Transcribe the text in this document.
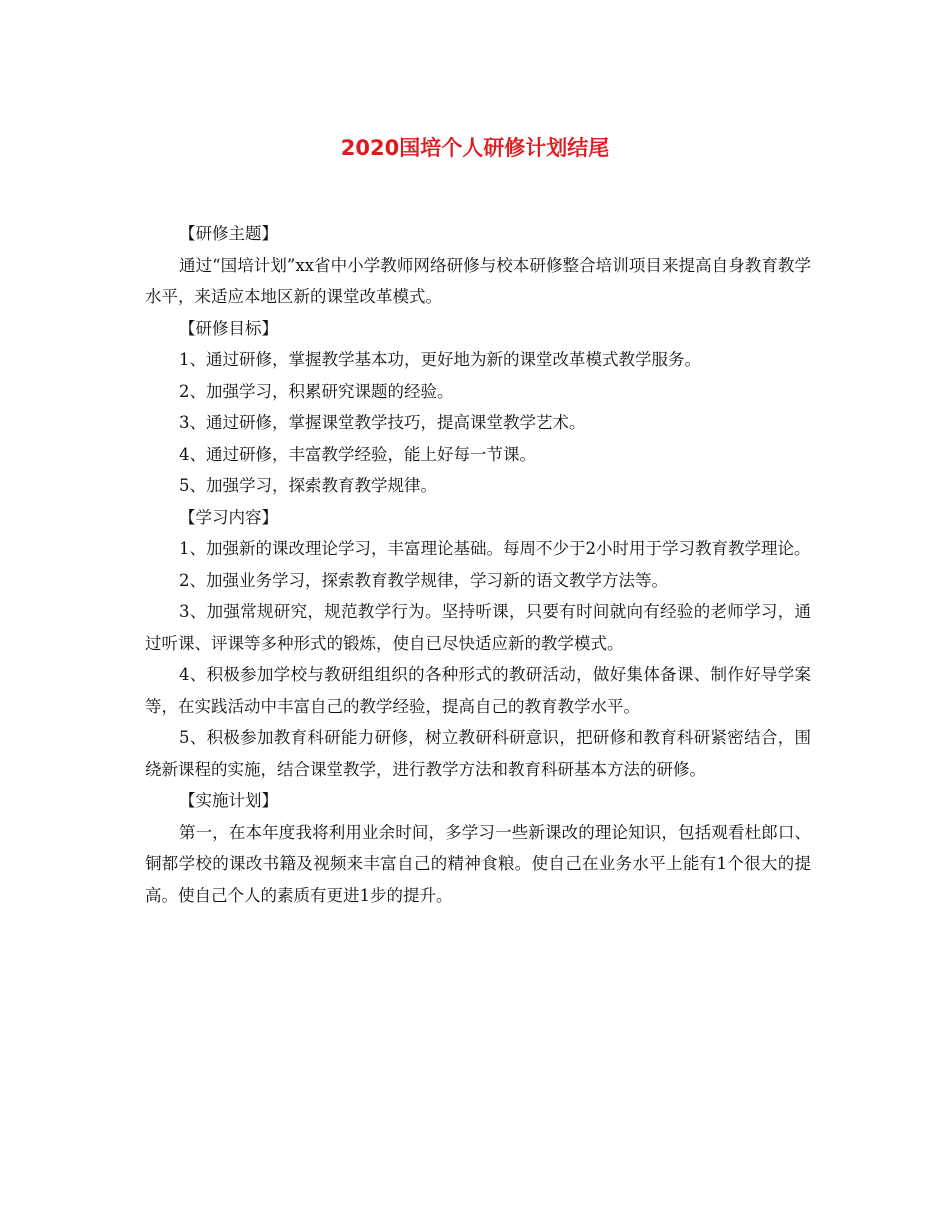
2020国培个人研修计划结尾

【研修主题】

通过“国培计划”xx省中小学教师网络研修与校本研修整合培训项目来提高自身教育教学水平，来适应本地区新的课堂改革模式。

【研修目标】

1、通过研修，掌握教学基本功，更好地为新的课堂改革模式教学服务。

2、加强学习，积累研究课题的经验。

3、通过研修，掌握课堂教学技巧，提高课堂教学艺术。

4、通过研修，丰富教学经验，能上好每一节课。

5、加强学习，探索教育教学规律。

【学习内容】

1、加强新的课改理论学习，丰富理论基础。每周不少于2小时用于学习教育教学理论。

2、加强业务学习，探索教育教学规律，学习新的语文教学方法等。

3、加强常规研究，规范教学行为。坚持听课，只要有时间就向有经验的老师学习，通过听课、评课等多种形式的锻炼，使自已尽快适应新的教学模式。

4、积极参加学校与教研组组织的各种形式的教研活动，做好集体备课、制作好导学案等，在实践活动中丰富自己的教学经验，提高自己的教育教学水平。

5、积极参加教育科研能力研修，树立教研科研意识，把研修和教育科研紧密结合，围绕新课程的实施，结合课堂教学，进行教学方法和教育科研基本方法的研修。

【实施计划】

第一，在本年度我将利用业余时间，多学习一些新课改的理论知识，包括观看杜郎口、铜都学校的课改书籍及视频来丰富自己的精神食粮。使自己在业务水平上能有1个很大的提高。使自己个人的素质有更进1步的提升。
